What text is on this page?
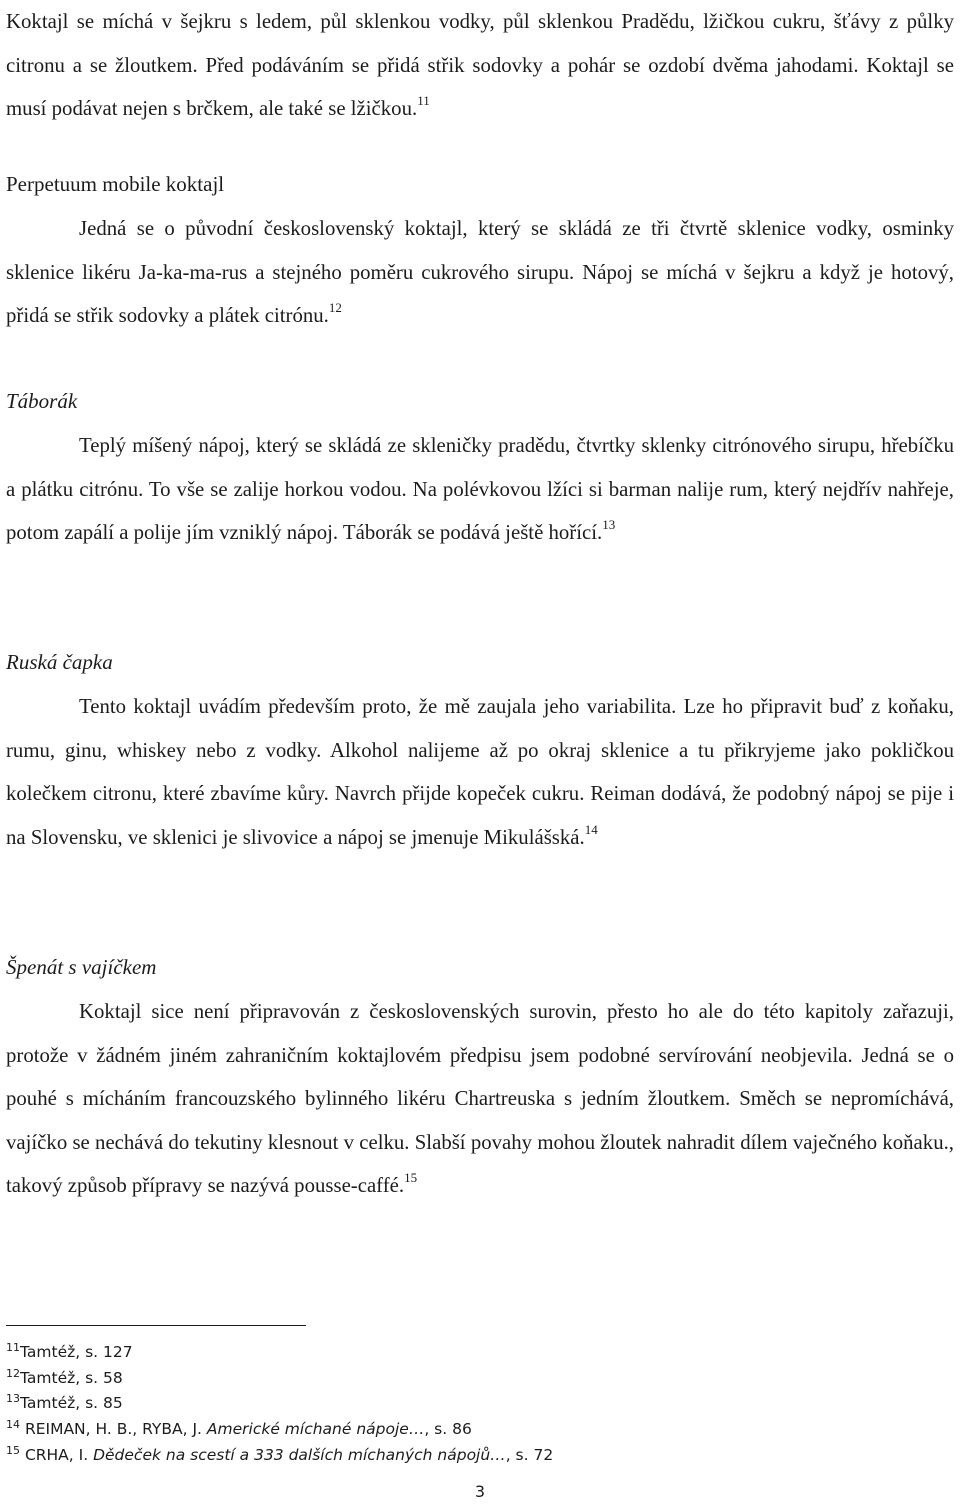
Koktajl se míchá v šejkru s ledem, půl sklenkou vodky, půl sklenkou Pradědu, lžičkou cukru, šťávy z půlky citronu a se žloutkem. Před podáváním se přidá střik sodovky a pohár se ozdobí dvěma jahodami. Koktajl se musí podávat nejen s brčkem, ale také se lžičkou.$^{11}$

Perpetuum mobile koktajl

Jedná se o původní československý koktajl, který se skládá ze tři čtvrtě sklenice vodky, osminky sklenice likéru Ja-ka-ma-rus a stejného poměru cukrového sirupu. Nápoj se míchá v šejkru a když je hotový, přidá se střik sodovky a plátek citrónu.$^{12}$

Táborák

Teplý míšený nápoj, který se skládá ze skleničky pradědu, čtvrtky sklenky citrónového sirupu, hřebíčku a plátku citrónu. To vše se zalije horkou vodou. Na polévkovou lžíci si barman nalije rum, který nejdřív nahřeje, potom zapálí a polije jím vzniklý nápoj. Táborák se podává ještě hořící.$^{13}$

Ruská čapka

Tento koktajl uvádím především proto, že mě zaujala jeho variabilita. Lze ho připravit buď z koňaku, rumu, ginu, whiskey nebo z vodky. Alkohol nalijeme až po okraj sklenice a tu přikryjeme jako pokličkou kolečkem citronu, které zbavíme kůry. Navrch přijde kopeček cukru. Reiman dodává, že podobný nápoj se pije i na Slovensku, ve sklenici je slivovice a nápoj se jmenuje Mikulášská.$^{14}$

Špenát s vajíčkem

Koktajl sice není připravován z československých surovin, přesto ho ale do této kapitoly zařazuji, protože v žádném jiném zahraničním koktajlovém předpisu jsem podobné servírování neobjevila. Jedná se o pouhé s mícháním francouzského bylinného likéru Chartreuska s jedním žloutkem. Směch se nepromíchává, vajíčko se nechává do tekutiny klesnout v celku. Slabší povahy mohou žloutek nahradit dílem vaječného koňaku., takový způsob přípravy se nazývá pousse-caffé.$^{15}$

$^{11}$Tamtéž, s. 127
$^{12}$Tamtéž, s. 58
$^{13}$Tamtéž, s. 85
$^{14}$ REIMAN, H. B., RYBA, J. Americké míchané nápoje…, s. 86
$^{15}$ CRHA, I. Dědeček na scestí a 333 dalších míchaných nápojů…, s. 72
3
